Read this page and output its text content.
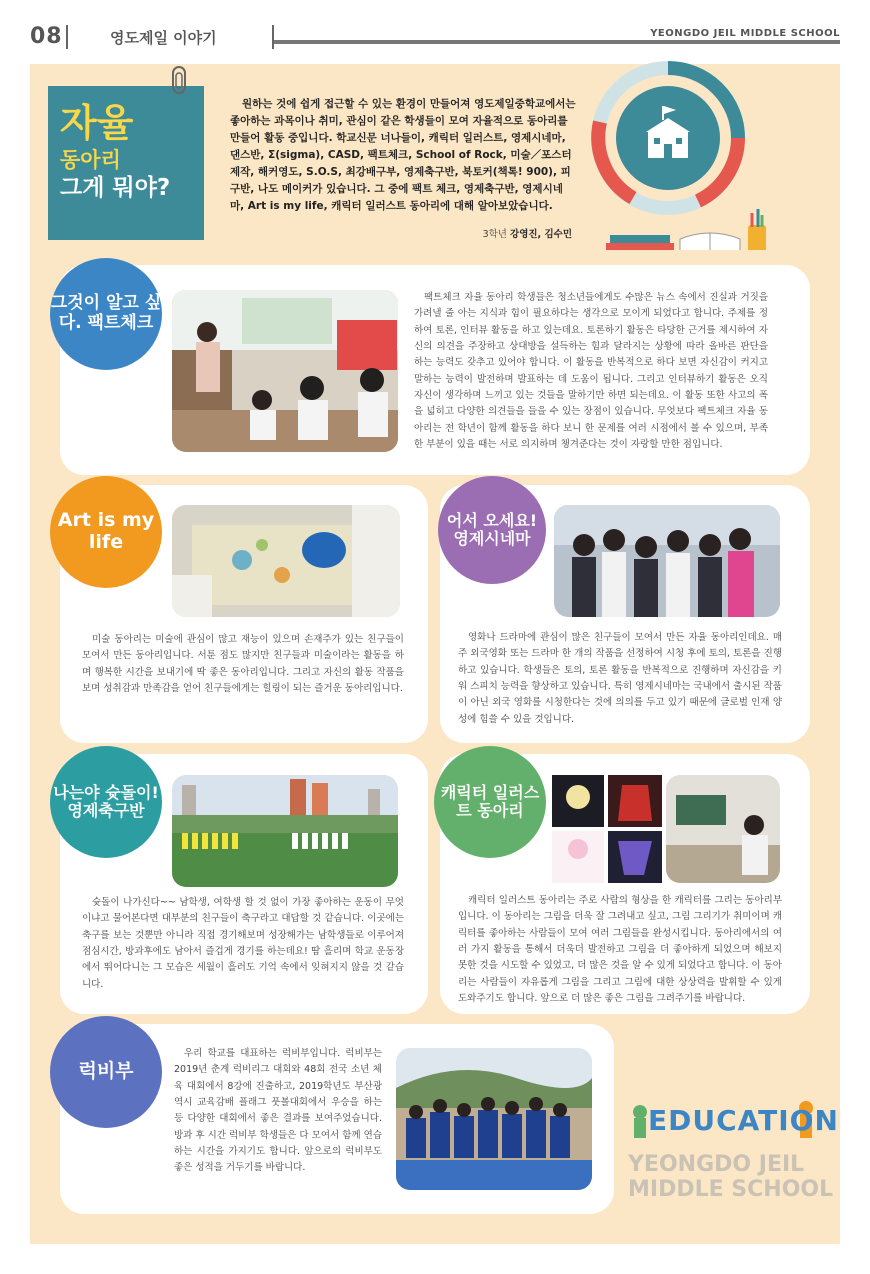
08	영도제일 이야기	YEONGDO JEIL MIDDLE SCHOOL
자율
동아리
그게 뭐야?
원하는 것에 쉽게 접근할 수 있는 환경이 만들어져 영도제일중학교에서는 좋아하는 과목이나 취미, 관심이 같은 학생들이 모여 자율적으로 동아리를 만들어 활동 중입니다. 학교신문 너나들이, 캐릭터 일러스트, 영제시네마, 댄스반, Σ(sigma), CASD, 팩트체크, School of Rock, 미술／포스터제작, 해커영도, S.O.S, 최강배구부, 영제축구반, 북토커(책톡! 900), 피구반, 나도 메이커가 있습니다. 그 중에 팩트 체크, 영제축구반, 영제시네마, Art is my life, 캐릭터 일러스트 동아리에 대해 알아보았습니다.
3학년 강영진, 김수민
그것이 알고 싶다. 팩트체크
팩트체크 자율 동아리 학생들은 청소년들에게도 수많은 뉴스 속에서 진실과 거짓을 가려낼 줄 아는 지식과 힘이 필요하다는 생각으로 모이게 되었다고 합니다. 주제를 정하여 토론, 인터뷰 활동을 하고 있는데요. 토론하기 활동은 타당한 근거를 제시하여 자신의 의견을 주장하고 상대방을 설득하는 힘과 달라지는 상황에 따라 올바른 판단을 하는 능력도 갖추고 있어야 합니다. 이 활동을 반복적으로 하다 보면 자신감이 커지고 말하는 능력이 발전하며 발표하는 데 도움이 됩니다. 그리고 인터뷰하기 활동은 오직 자신이 생각하며 느끼고 있는 것들을 말하기만 하면 되는데요. 이 활동 또한 사고의 폭을 넓히고 다양한 의견들을 들을 수 있는 장점이 있습니다. 무엇보다 팩트체크 자율 동아리는 전 학년이 함께 활동을 하다 보니 한 문제를 여러 시점에서 볼 수 있으며, 부족한 부분이 있을 때는 서로 의지하며 챙겨준다는 것이 자랑할 만한 점입니다.
Art is my life
미술 동아리는 미술에 관심이 많고 재능이 있으며 손재주가 있는 친구들이 모여서 만든 동아리입니다. 서툰 점도 많지만 친구들과 미술이라는 활동을 하며 행복한 시간을 보내기에 딱 좋은 동아리입니다. 그리고 자신의 활동 작품을 보며 성취감과 만족감을 얻어 친구들에게는 힐링이 되는 즐거운 동아리입니다.
어서 오세요! 영제시네마
영화나 드라마에 관심이 많은 친구들이 모여서 만든 자율 동아리인데요. 매주 외국영화 또는 드라마 한 개의 작품을 선정하여 시청 후에 토의, 토론을 진행하고 있습니다. 학생들은 토의, 토론 활동을 반복적으로 진행하며 자신감을 키워 스피치 능력을 향상하고 있습니다. 특히 영제시네마는 국내에서 출시된 작품이 아닌 외국 영화를 시청한다는 것에 의의를 두고 있기 때문에 글로벌 인재 양성에 힘쓸 수 있을 것입니다.
나는야 슛돌이! 영제축구반
슛돌이 나가신다~~ 남학생, 여학생 할 것 없이 가장 좋아하는 운동이 무엇이냐고 물어본다면 대부분의 친구들이 축구라고 대답할 것 같습니다. 이곳에는 축구를 보는 것뿐만 아니라 직접 경기해보며 성장해가는 남학생들로 이루어져 점심시간, 방과후에도 남아서 즐겁게 경기를 하는데요! 땀 흘리며 학교 운동장에서 뛰어다니는 그 모습은 세월이 흘러도 기억 속에서 잊혀지지 않을 것 같습니다.
캐릭터 일러스트 동아리
캐릭터 일러스트 동아리는 주로 사람의 형상을 한 캐릭터를 그리는 동아리부입니다. 이 동아리는 그림을 더욱 잘 그려내고 싶고, 그림 그리기가 취미이며 캐릭터를 좋아하는 사람들이 모여 여러 그림들을 완성시킵니다. 동아리에서의 여러 가지 활동을 통해서 더욱더 발전하고 그림을 더 좋아하게 되었으며 해보지 못한 것을 시도할 수 있었고, 더 많은 것을 알 수 있게 되었다고 합니다. 이 동아리는 사람들이 자유롭게 그림을 그리고 그림에 대한 상상력을 발휘할 수 있게 도와주기도 합니다. 앞으로 더 많은 좋은 그림을 그려주기를 바랍니다.
럭비부
우리 학교를 대표하는 럭비부입니다. 럭비부는 2019년 춘계 럭비리그 대회와 48회 전국 소년 체육 대회에서 8강에 진출하고, 2019학년도 부산광역시 교육감배 플래그 풋볼대회에서 우승을 하는 등 다양한 대회에서 좋은 결과를 보여주었습니다. 방과 후 시간 럭비부 학생들은 다 모여서 함께 연습하는 시간을 가지기도 합니다. 앞으로의 럭비부도 좋은 성적을 거두기를 바랍니다.
EDUCATION
YEONGDO JEIL
MIDDLE SCHOOL
